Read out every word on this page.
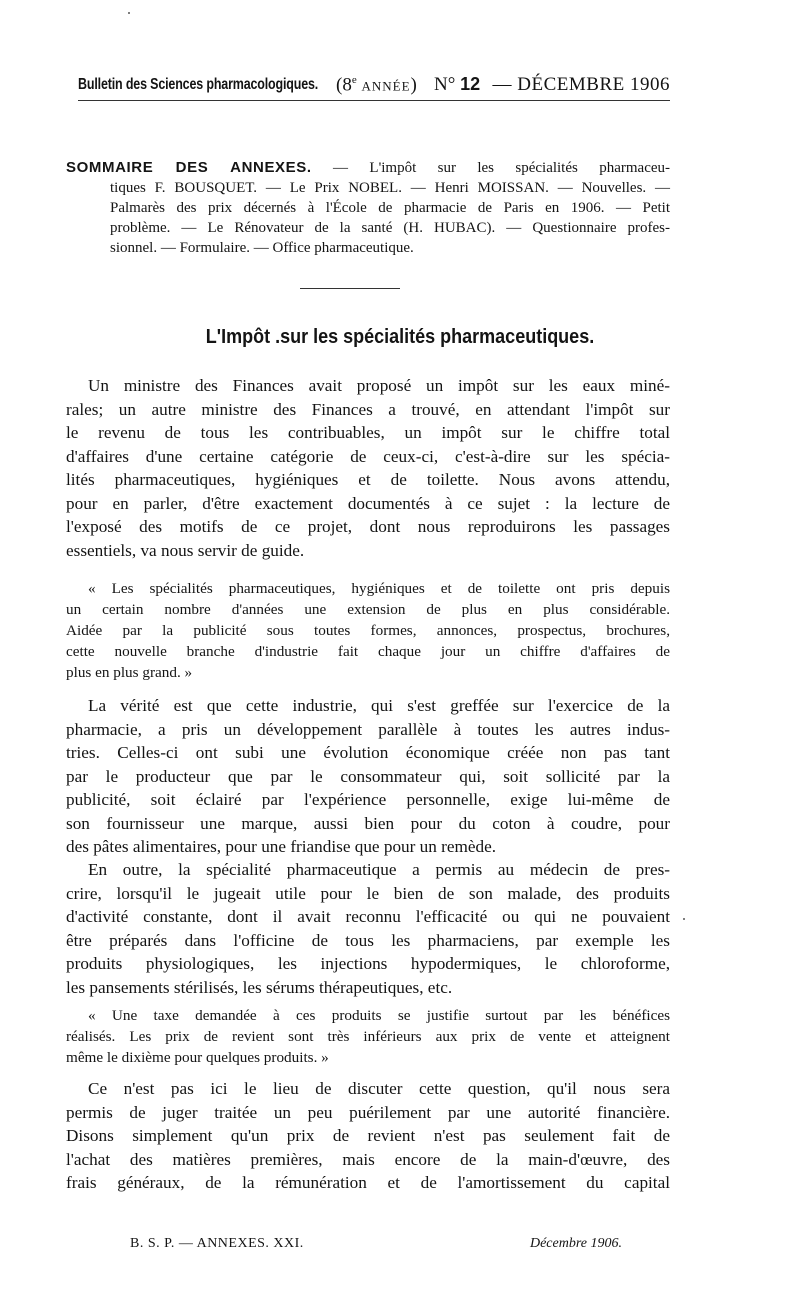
Bulletin des Sciences pharmacologiques. (8e ANNÉE) N° 12 — DÉCEMBRE 1906
SOMMAIRE DES ANNEXES. — L'impôt sur les spécialités pharmaceu-
tiques F. BOUSQUET. — Le Prix NOBEL. — Henri MOISSAN. — Nouvelles. —
Palmarès des prix décernés à l'École de pharmacie de Paris en 1906. — Petit
problème. — Le Rénovateur de la santé (H. HUBAC). — Questionnaire profes-
sionnel. — Formulaire. — Office pharmaceutique.
L'Impôt .sur les spécialités pharmaceutiques.

Un ministre des Finances avait proposé un impôt sur les eaux miné-
rales; un autre ministre des Finances a trouvé, en attendant l'impôt sur
le revenu de tous les contribuables, un impôt sur le chiffre total
d'affaires d'une certaine catégorie de ceux-ci, c'est-à-dire sur les spécia-
lités pharmaceutiques, hygiéniques et de toilette. Nous avons attendu,
pour en parler, d'être exactement documentés à ce sujet : la lecture de
l'exposé des motifs de ce projet, dont nous reproduirons les passages
essentiels, va nous servir de guide.

« Les spécialités pharmaceutiques, hygiéniques et de toilette ont pris depuis
un certain nombre d'années une extension de plus en plus considérable.
Aidée par la publicité sous toutes formes, annonces, prospectus, brochures,
cette nouvelle branche d'industrie fait chaque jour un chiffre d'affaires de
plus en plus grand. »

La vérité est que cette industrie, qui s'est greffée sur l'exercice de la
pharmacie, a pris un développement parallèle à toutes les autres indus-
tries. Celles-ci ont subi une évolution économique créée non pas tant
par le producteur que par le consommateur qui, soit sollicité par la
publicité, soit éclairé par l'expérience personnelle, exige lui-même de
son fournisseur une marque, aussi bien pour du coton à coudre, pour
des pâtes alimentaires, pour une friandise que pour un remède.

En outre, la spécialité pharmaceutique a permis au médecin de pres-
crire, lorsqu'il le jugeait utile pour le bien de son malade, des produits
d'activité constante, dont il avait reconnu l'efficacité ou qui ne pouvaient
être préparés dans l'officine de tous les pharmaciens, par exemple les
produits physiologiques, les injections hypodermiques, le chloroforme,
les pansements stérilisés, les sérums thérapeutiques, etc.

« Une taxe demandée à ces produits se justifie surtout par les bénéfices
réalisés. Les prix de revient sont très inférieurs aux prix de vente et atteignent
même le dixième pour quelques produits. »

Ce n'est pas ici le lieu de discuter cette question, qu'il nous sera
permis de juger traitée un peu puérilement par une autorité financière.
Disons simplement qu'un prix de revient n'est pas seulement fait de
l'achat des matières premières, mais encore de la main-d'œuvre, des
frais généraux, de la rémunération et de l'amortissement du capital

B. S. P. — ANNEXES. XXI.	Décembre 1906.
